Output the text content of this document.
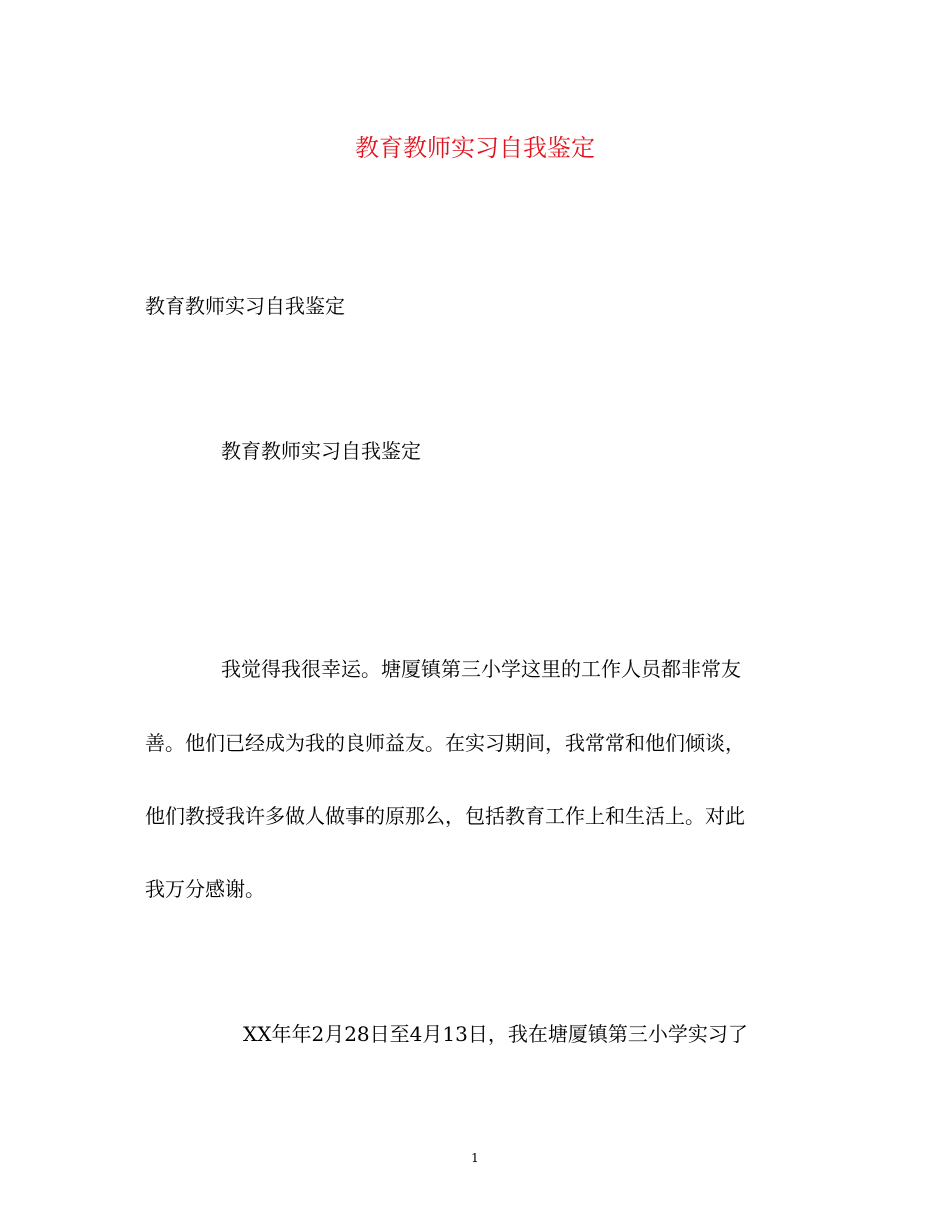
教育教师实习自我鉴定

教育教师实习自我鉴定

教育教师实习自我鉴定

我觉得我很幸运。塘厦镇第三小学这里的工作人员都非常友

善。他们已经成为我的良师益友。在实习期间，我常常和他们倾谈，

他们教授我许多做人做事的原那么，包括教育工作上和生活上。对此

我万分感谢。

XX年年2月28日至4月13日，我在塘厦镇第三小学实习了

1
